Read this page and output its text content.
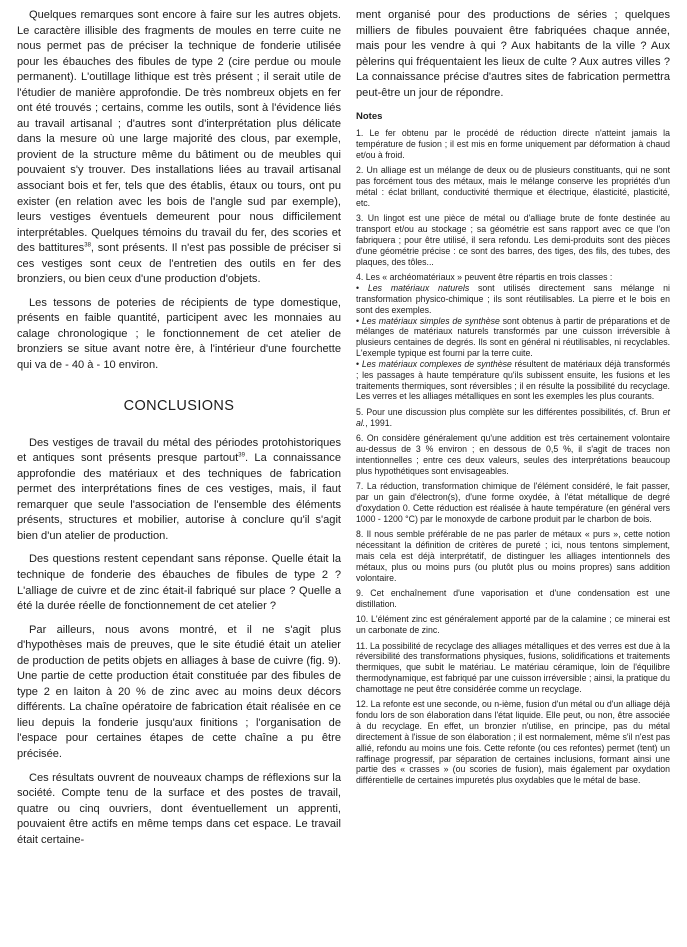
Quelques remarques sont encore à faire sur les autres objets. Le caractère illisible des fragments de moules en terre cuite ne nous permet pas de préciser la technique de fonderie utilisée pour les ébauches des fibules de type 2 (cire perdue ou moule permanent). L'outillage lithique est très présent ; il serait utile de l'étudier de manière approfondie. De très nombreux objets en fer ont été trouvés ; certains, comme les outils, sont à l'évidence liés au travail artisanal ; d'autres sont d'interprétation plus délicate dans la mesure où une large majorité des clous, par exemple, provient de la structure même du bâtiment ou de meubles qui pouvaient s'y trouver. Des installations liées au travail artisanal associant bois et fer, tels que des établis, étaux ou tours, ont pu exister (en relation avec les bois de l'angle sud par exemple), leurs vestiges éventuels demeurent pour nous difficilement interprétables. Quelques témoins du travail du fer, des scories et des battitures$^{38}$, sont présents. Il n'est pas possible de préciser si ces vestiges sont ceux de l'entretien des outils en fer des bronziers, ou bien ceux d'une production d'objets.

Les tessons de poteries de récipients de type domestique, présents en faible quantité, participent avec les monnaies au calage chronologique ; le fonctionnement de cet atelier de bronziers se situe avant notre ère, à l'intérieur d'une fourchette qui va de - 40 à - 10 environ.

CONCLUSIONS

Des vestiges de travail du métal des périodes protohistoriques et antiques sont présents presque partout$^{39}$. La connaissance approfondie des matériaux et des techniques de fabrication permet des interprétations fines de ces vestiges, mais, il faut remarquer que seule l'association de l'ensemble des éléments présents, structures et mobilier, autorise à conclure qu'il s'agit bien d'un atelier de production.

Des questions restent cependant sans réponse. Quelle était la technique de fonderie des ébauches de fibules de type 2 ? L'alliage de cuivre et de zinc était-il fabriqué sur place ? Quelle a été la durée réelle de fonctionnement de cet atelier ?

Par ailleurs, nous avons montré, et il ne s'agit plus d'hypothèses mais de preuves, que le site étudié était un atelier de production de petits objets en alliages à base de cuivre (fig. 9). Une partie de cette production était constituée par des fibules de type 2 en laiton à 20 % de zinc avec au moins deux décors différents. La chaîne opératoire de fabrication était réalisée en ce lieu depuis la fonderie jusqu'aux finitions ; l'organisation de l'espace pour certaines étapes de cette chaîne a pu être précisée.

Ces résultats ouvrent de nouveaux champs de réflexions sur la société. Compte tenu de la surface et des postes de travail, quatre ou cinq ouvriers, dont éventuellement un apprenti, pouvaient être actifs en même temps dans cet espace. Le travail était certaine-

ment organisé pour des productions de séries ; quelques milliers de fibules pouvaient être fabriquées chaque année, mais pour les vendre à qui ? Aux habitants de la ville ? Aux pèlerins qui fréquentaient les lieux de culte ? Aux autres villes ? La connaissance précise d'autres sites de fabrication permettra peut-être un jour de répondre.

Notes

1. Le fer obtenu par le procédé de réduction directe n'atteint jamais la température de fusion ; il est mis en forme uniquement par déformation à chaud et/ou à froid.

2. Un alliage est un mélange de deux ou de plusieurs constituants, qui ne sont pas forcément tous des métaux, mais le mélange conserve les propriétés d'un métal : éclat brillant, conductivité thermique et électrique, élasticité, plasticité, etc.

3. Un lingot est une pièce de métal ou d'alliage brute de fonte destinée au transport et/ou au stockage ; sa géométrie est sans rapport avec ce que l'on fabriquera ; pour être utilisé, il sera refondu. Les demi-produits sont des pièces d'une géométrie précise : ce sont des barres, des tiges, des fils, des tubes, des plaques, des tôles...

4. Les « archéomatériaux » peuvent être répartis en trois classes :

• Les matériaux naturels sont utilisés directement sans mélange ni transformation physico-chimique ; ils sont réutilisables. La pierre et le bois en sont des exemples.

• Les matériaux simples de synthèse sont obtenus à partir de préparations et de mélanges de matériaux naturels transformés par une cuisson irréversible à plusieurs centaines de degrés. Ils sont en général ni réutilisables, ni recyclables. L'exemple typique est fourni par la terre cuite.

• Les matériaux complexes de synthèse résultent de matériaux déjà transformés ; les passages à haute température qu'ils subissent ensuite, les fusions et les traitements thermiques, sont réversibles ; il en résulte la possibilité du recyclage. Les verres et les alliages métalliques en sont les exemples les plus courants.

5. Pour une discussion plus complète sur les différentes possibilités, cf. Brun et al., 1991.

6. On considère généralement qu'une addition est très certainement volontaire au-dessus de 3 % environ ; en dessous de 0,5 %, il s'agit de traces non intentionnelles ; entre ces deux valeurs, seules des interprétations beaucoup plus hypothétiques sont envisageables.

7. La réduction, transformation chimique de l'élément considéré, le fait passer, par un gain d'électron(s), d'une forme oxydée, à l'état métallique de degré d'oxydation 0. Cette réduction est réalisée à haute température (en général vers 1000 - 1200 °C) par le monoxyde de carbone produit par le charbon de bois.

8. Il nous semble préférable de ne pas parler de métaux « purs », cette notion nécessitant la définition de critères de pureté ; ici, nous tentons simplement, mais cela est déjà interprétatif, de distinguer les alliages intentionnels des métaux, plus ou moins purs (ou plutôt plus ou moins propres) sans addition volontaire.

9. Cet enchaînement d'une vaporisation et d'une condensation est une distillation.

10. L'élément zinc est généralement apporté par de la calamine ; ce minerai est un carbonate de zinc.

11. La possibilité de recyclage des alliages métalliques et des verres est due à la réversibilité des transformations physiques, fusions, solidifications et traitements thermiques, que subit le matériau. Le matériau céramique, loin de l'équilibre thermodynamique, est fabriqué par une cuisson irréversible ; ainsi, la pratique du chamottage ne peut être considérée comme un recyclage.

12. La refonte est une seconde, ou n-ième, fusion d'un métal ou d'un alliage déjà fondu lors de son élaboration dans l'état liquide. Elle peut, ou non, être associée à du recyclage. En effet, un bronzier n'utilise, en principe, pas du métal directement à l'issue de son élaboration ; il est normalement, même s'il n'est pas allié, refondu au moins une fois. Cette refonte (ou ces refontes) permet (tent) un raffinage progressif, par séparation de certaines inclusions, formant ainsi une partie des « crasses » (ou scories de fusion), mais également par oxydation différentielle de certaines impuretés plus oxydables que le métal de base.
